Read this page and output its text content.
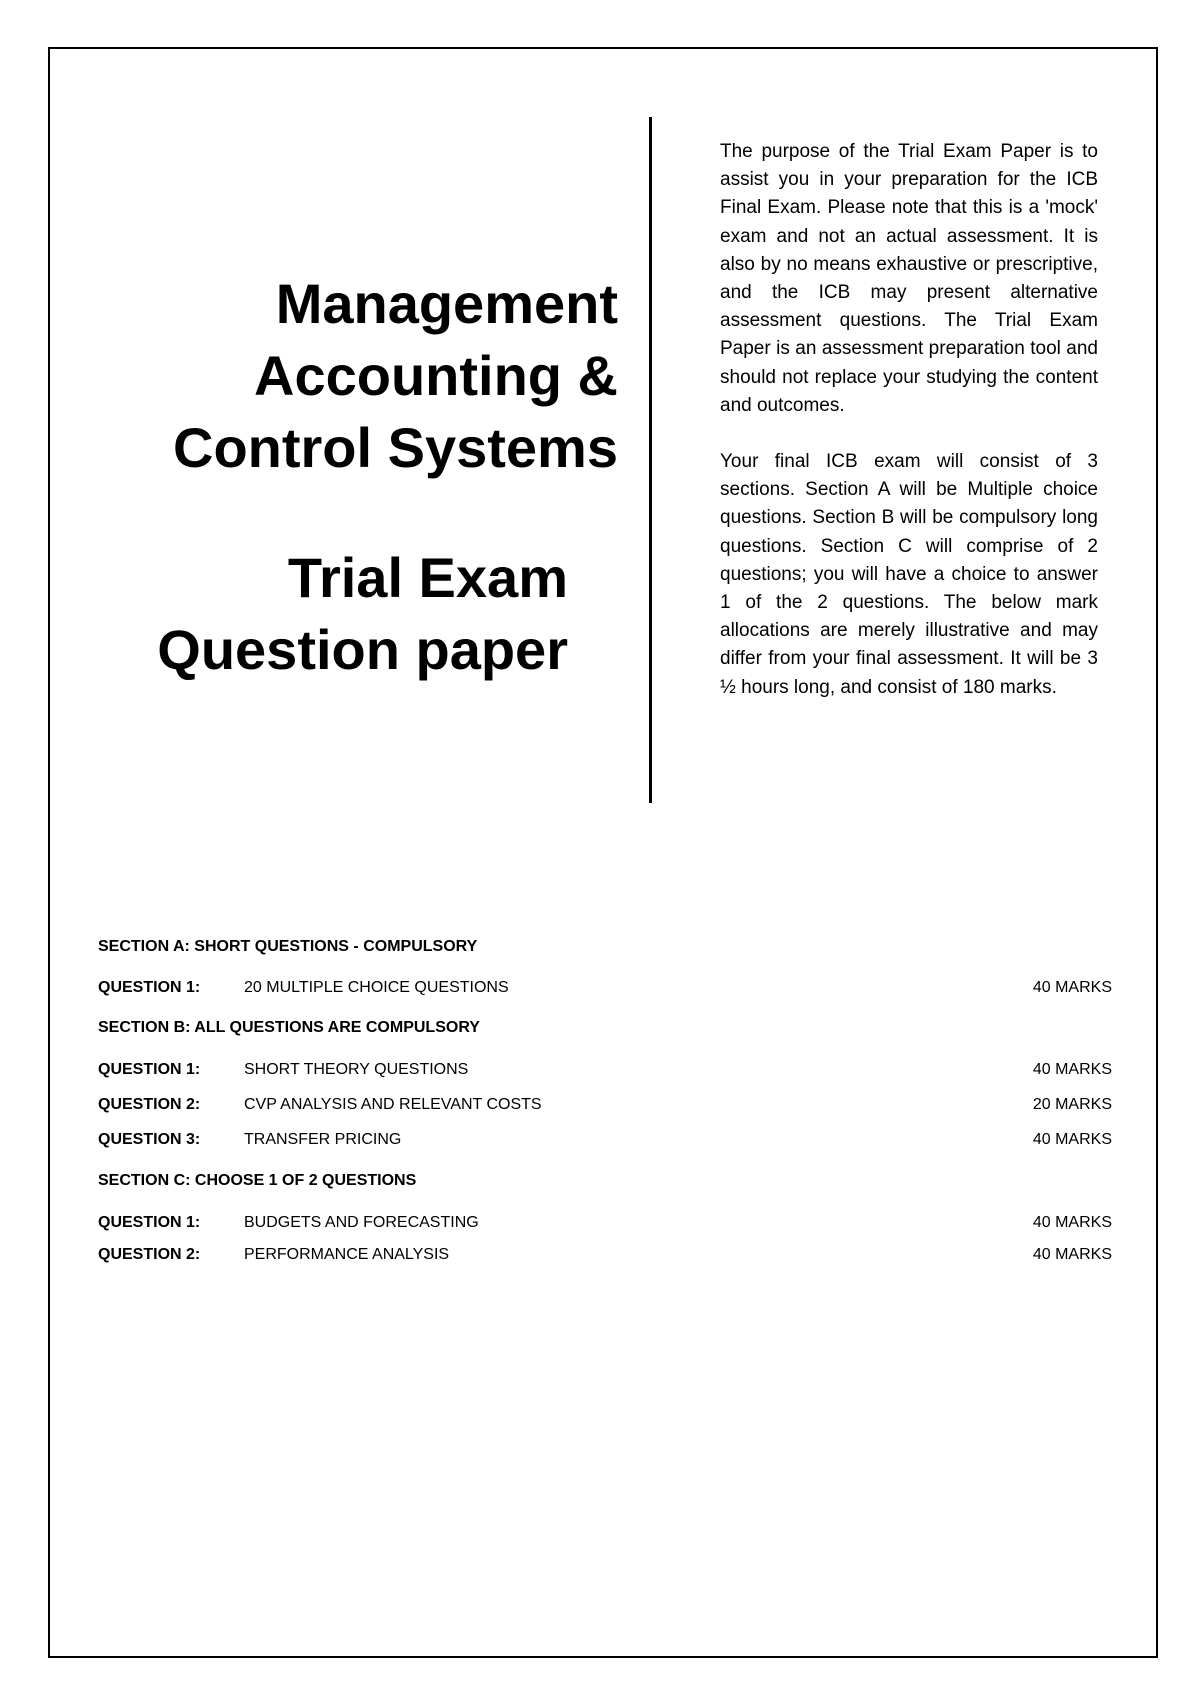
Management
Accounting &
Control Systems
Trial Exam
Question paper

The purpose of the Trial Exam Paper is to assist you in your preparation for the ICB Final Exam. Please note that this is a 'mock' exam and not an actual assessment. It is also by no means exhaustive or prescriptive, and the ICB may present alternative assessment questions. The Trial Exam Paper is an assessment preparation tool and should not replace your studying the content and outcomes.

Your final ICB exam will consist of 3 sections. Section A will be Multiple choice questions. Section B will be compulsory long questions. Section C will comprise of 2 questions; you will have a choice to answer 1 of the 2 questions. The below mark allocations are merely illustrative and may differ from your final assessment. It will be 3 ½ hours long, and consist of 180 marks.

SECTION A: SHORT QUESTIONS - COMPULSORY
QUESTION 1:	20 MULTIPLE CHOICE QUESTIONS	40 MARKS
SECTION B: ALL QUESTIONS ARE COMPULSORY
QUESTION 1:	SHORT THEORY QUESTIONS	40 MARKS
QUESTION 2:	CVP ANALYSIS AND RELEVANT COSTS	20 MARKS
QUESTION 3:	TRANSFER PRICING	40 MARKS
SECTION C: CHOOSE 1 OF 2 QUESTIONS
QUESTION 1:	BUDGETS AND FORECASTING	40 MARKS
QUESTION 2:	PERFORMANCE ANALYSIS	40 MARKS
